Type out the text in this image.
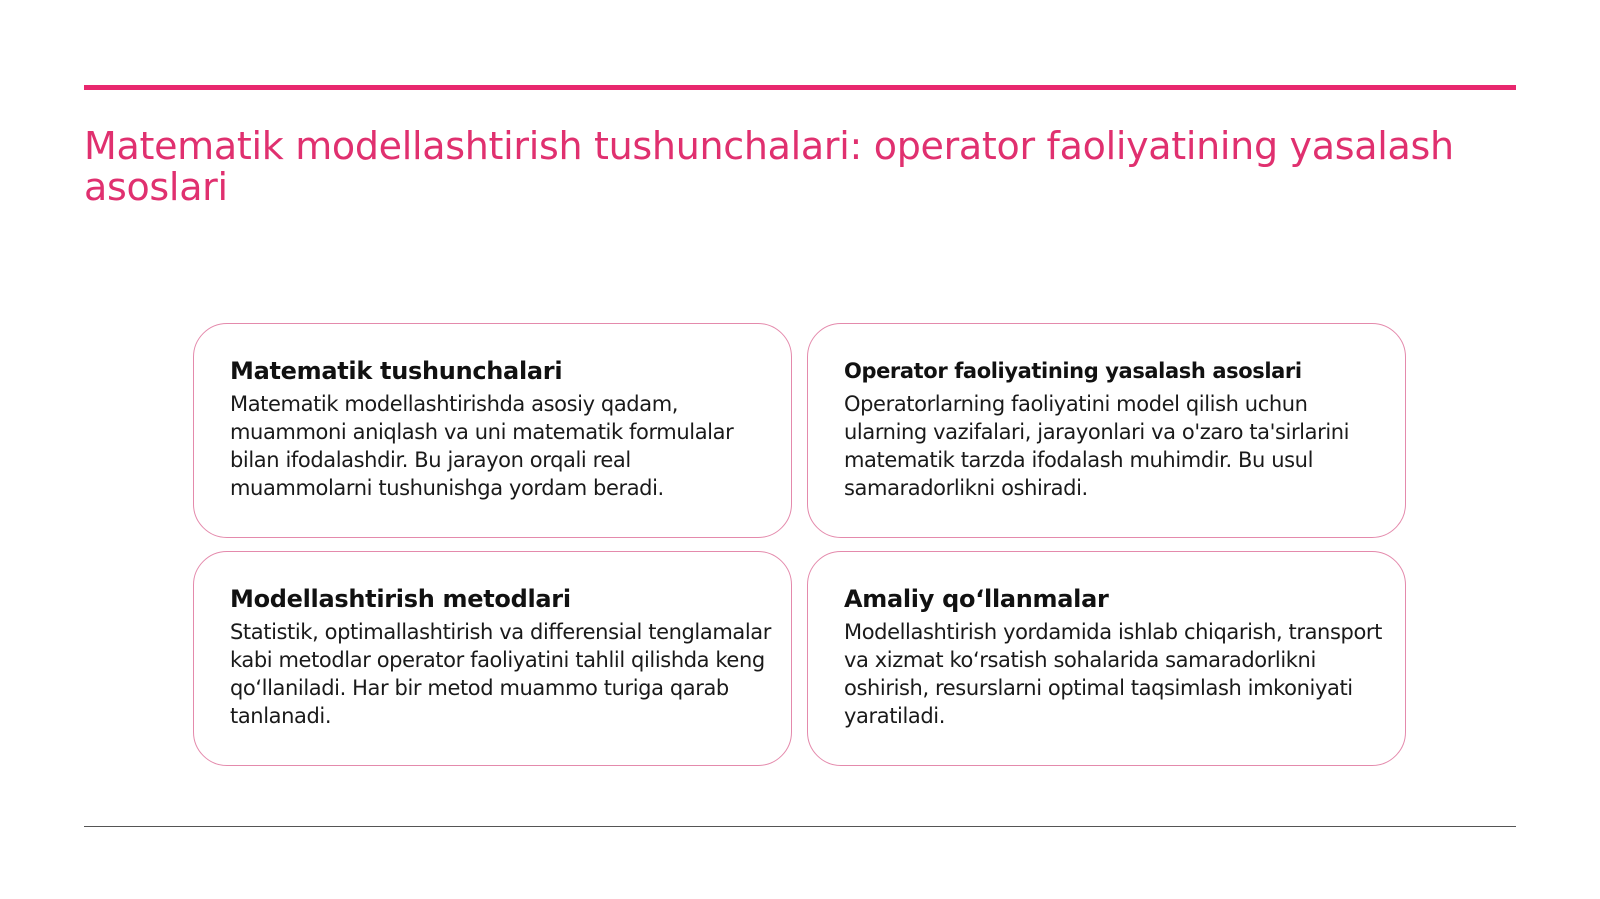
Matematik modellashtirish tushunchalari: operator faoliyatining yasalash asoslari
Matematik tushunchalari

Matematik modellashtirishda asosiy qadam, muammoni aniqlash va uni matematik formulalar bilan ifodalashdir. Bu jarayon orqali real muammolarni tushunishga yordam beradi.

Operator faoliyatining yasalash asoslari

Operatorlarning faoliyatini model qilish uchun ularning vazifalari, jarayonlari va o'zaro ta'sirlarini matematik tarzda ifodalash muhimdir. Bu usul samaradorlikni oshiradi.

Modellashtirish metodlari

Statistik, optimallashtirish va differensial tenglamalar kabi metodlar operator faoliyatini tahlil qilishda keng qo‘llaniladi. Har bir metod muammo turiga qarab tanlanadi.

Amaliy qo‘llanmalar

Modellashtirish yordamida ishlab chiqarish, transport va xizmat ko‘rsatish sohalarida samaradorlikni oshirish, resurslarni optimal taqsimlash imkoniyati yaratiladi.
